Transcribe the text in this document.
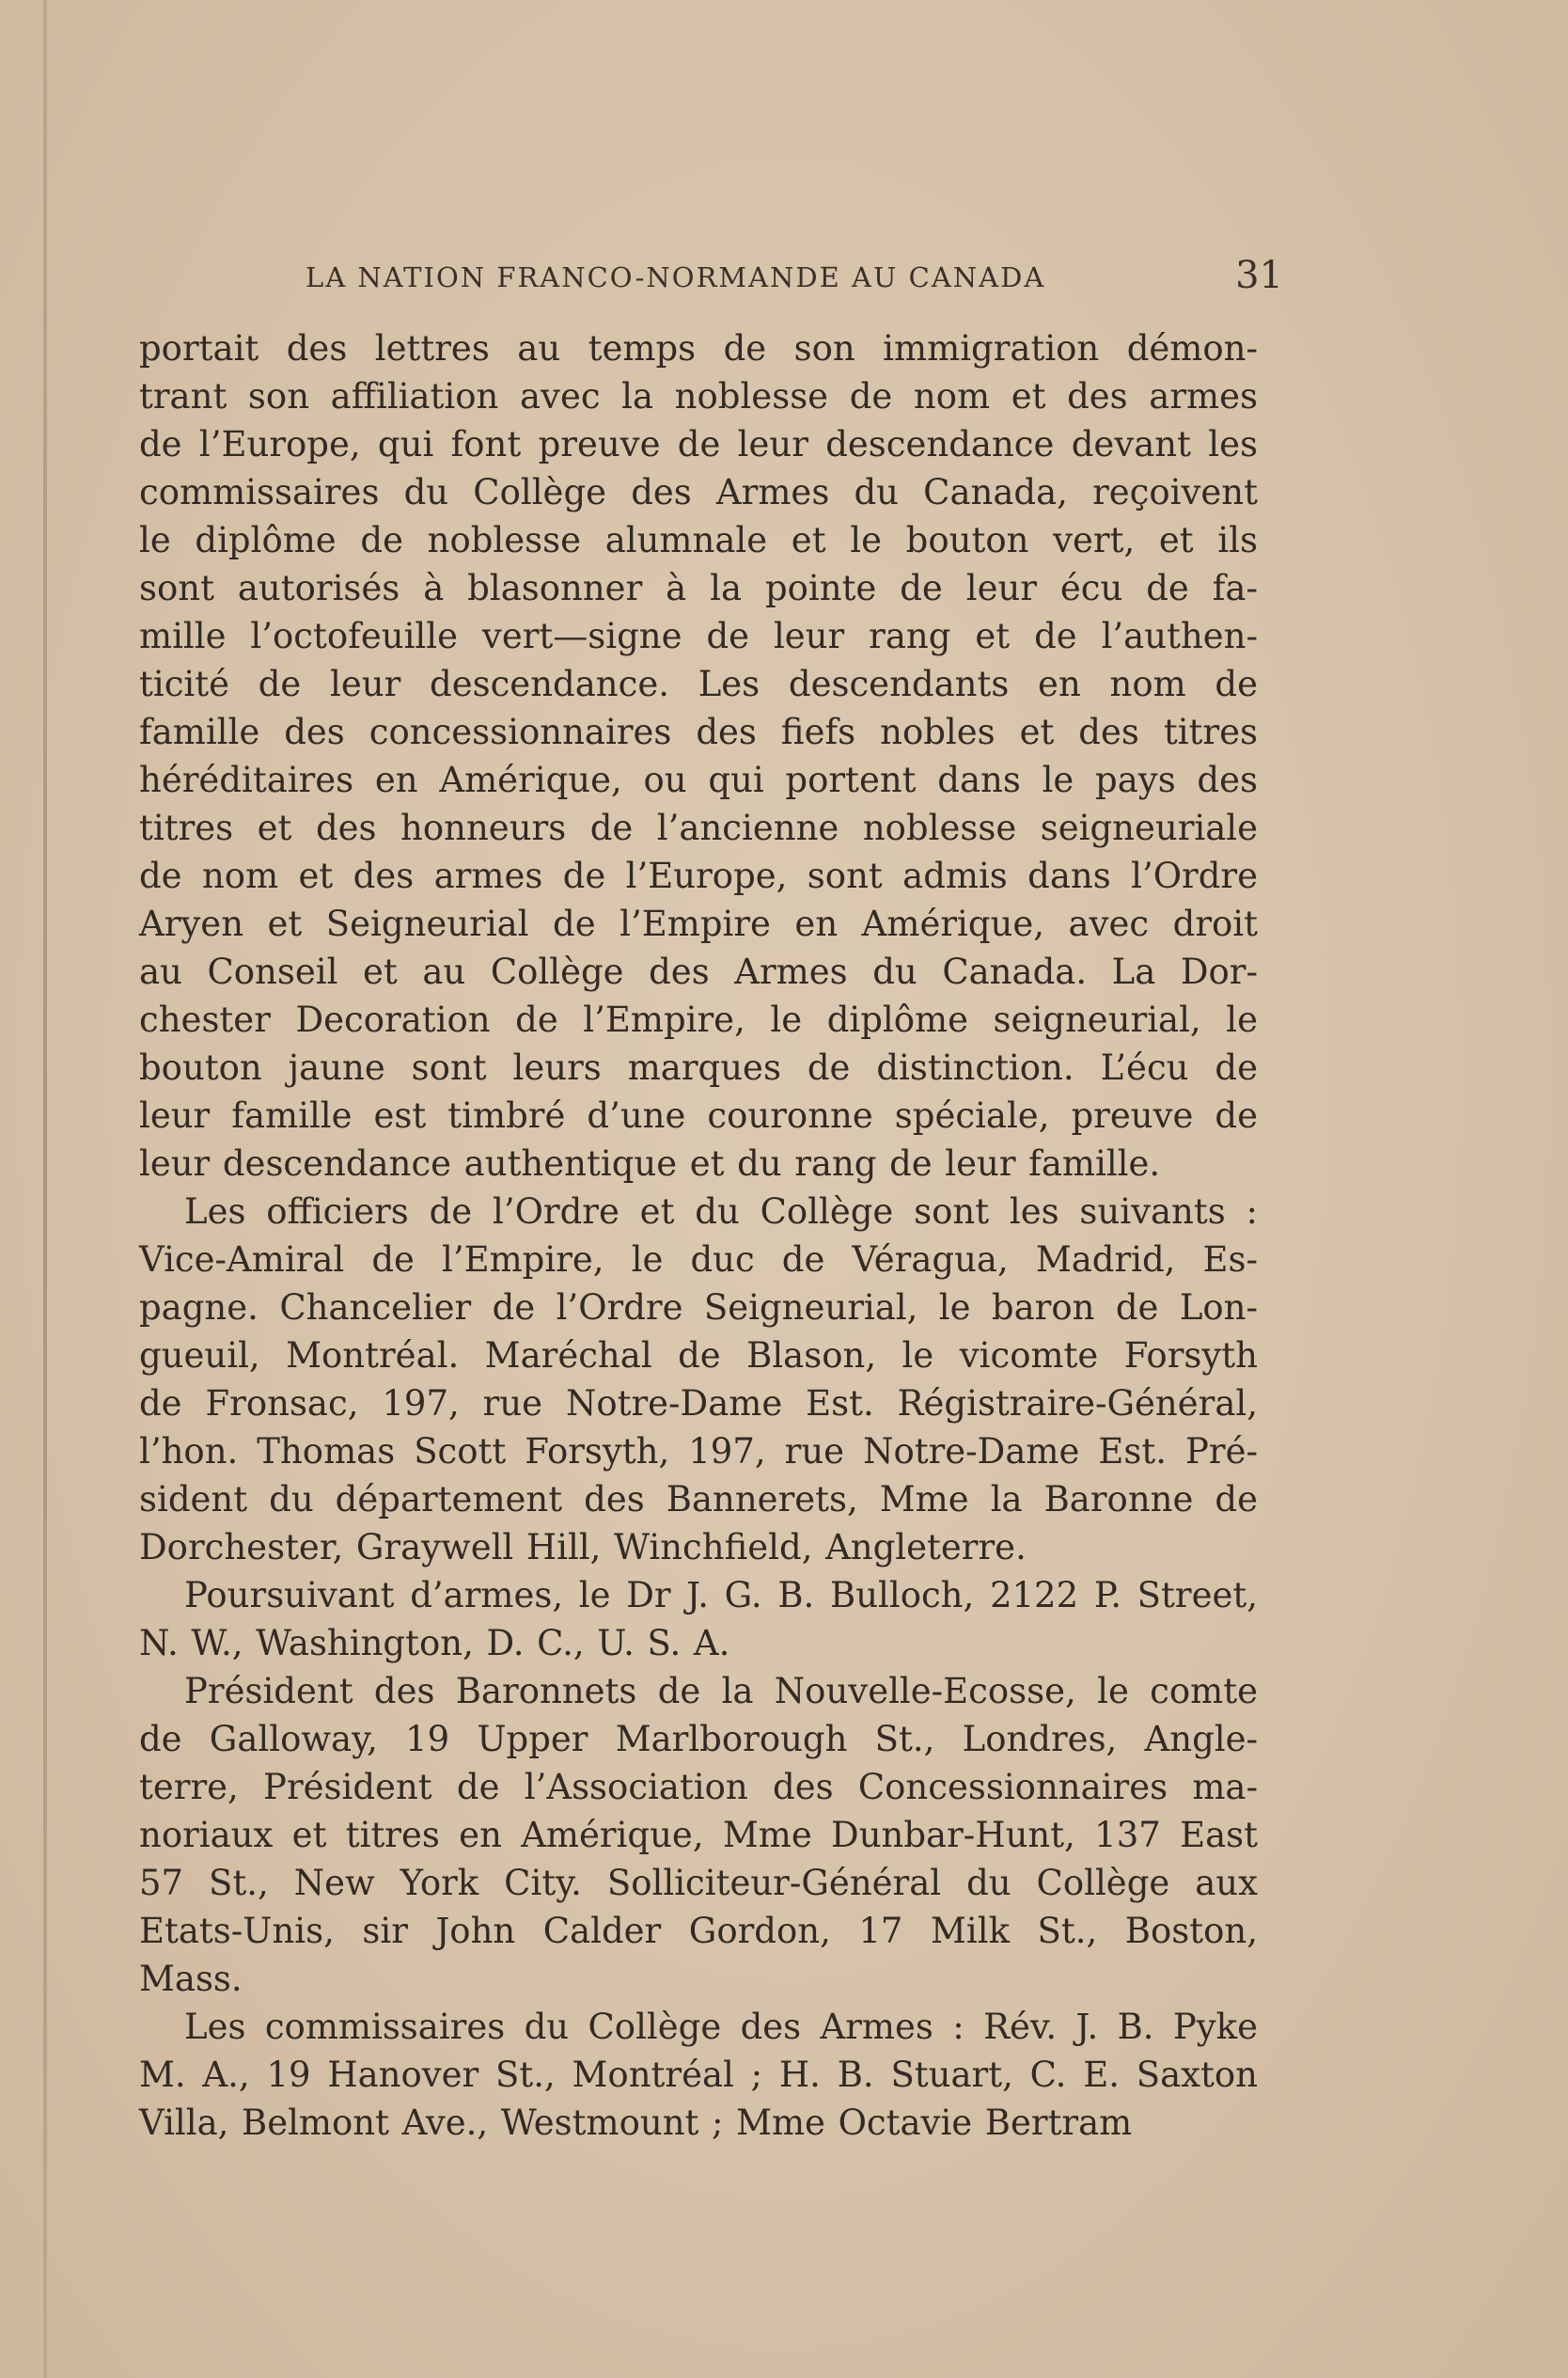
LA NATION FRANCO-NORMANDE AU CANADA	31
portait des lettres au temps de son immigration démon-
trant son affiliation avec la noblesse de nom et des armes
de l’Europe, qui font preuve de leur descendance devant les
commissaires du Collège des Armes du Canada, reçoivent
le diplôme de noblesse alumnale et le bouton vert, et ils
sont autorisés à blasonner à la pointe de leur écu de fa-
mille l’octofeuille vert—signe de leur rang et de l’authen-
ticité de leur descendance. Les descendants en nom de
famille des concessionnaires des fiefs nobles et des titres
héréditaires en Amérique, ou qui portent dans le pays des
titres et des honneurs de l’ancienne noblesse seigneuriale
de nom et des armes de l’Europe, sont admis dans l’Ordre
Aryen et Seigneurial de l’Empire en Amérique, avec droit
au Conseil et au Collège des Armes du Canada. La Dor-
chester Decoration de l’Empire, le diplôme seigneurial, le
bouton jaune sont leurs marques de distinction. L’écu de
leur famille est timbré d’une couronne spéciale, preuve de
leur descendance authentique et du rang de leur famille.
Les officiers de l’Ordre et du Collège sont les suivants :
Vice-Amiral de l’Empire, le duc de Véragua, Madrid, Es-
pagne. Chancelier de l’Ordre Seigneurial, le baron de Lon-
gueuil, Montréal. Maréchal de Blason, le vicomte Forsyth
de Fronsac, 197, rue Notre-Dame Est. Régistraire-Général,
l’hon. Thomas Scott Forsyth, 197, rue Notre-Dame Est. Pré-
sident du département des Bannerets, Mme la Baronne de
Dorchester, Graywell Hill, Winchfield, Angleterre.
Poursuivant d’armes, le Dr J. G. B. Bulloch, 2122 P. Street,
N. W., Washington, D. C., U. S. A.
Président des Baronnets de la Nouvelle-Ecosse, le comte
de Galloway, 19 Upper Marlborough St., Londres, Angle-
terre, Président de l’Association des Concessionnaires ma-
noriaux et titres en Amérique, Mme Dunbar-Hunt, 137 East
57 St., New York City. Solliciteur-Général du Collège aux
Etats-Unis, sir John Calder Gordon, 17 Milk St., Boston,
Mass.
Les commissaires du Collège des Armes : Rév. J. B. Pyke
M. A., 19 Hanover St., Montréal ; H. B. Stuart, C. E. Saxton
Villa, Belmont Ave., Westmount ; Mme Octavie Bertram
